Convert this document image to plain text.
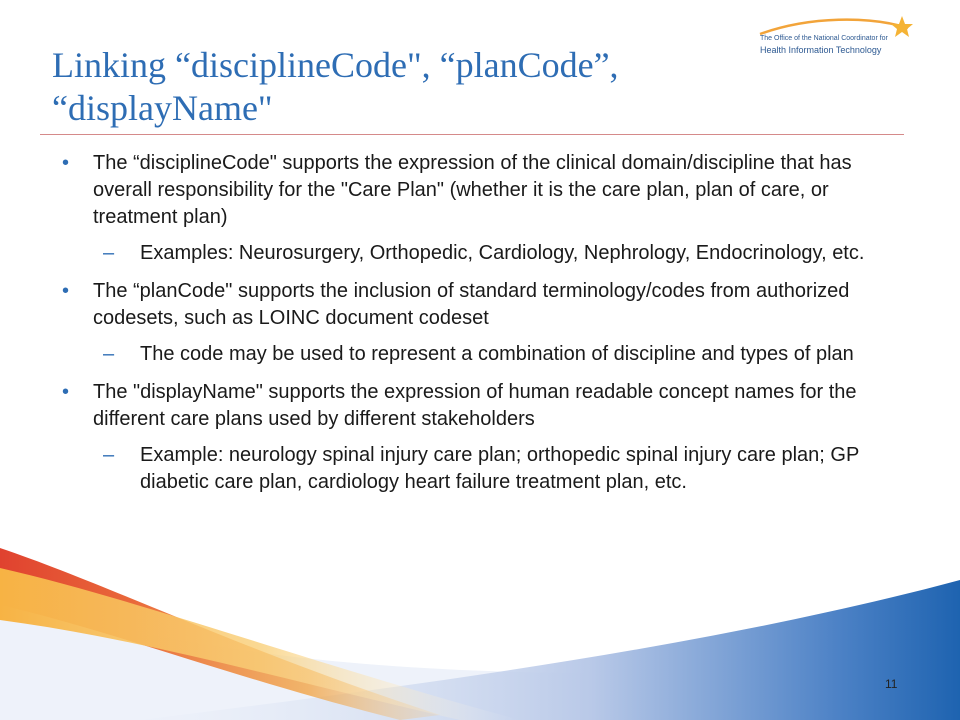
Linking “disciplineCode", “planCode”, “displayName"
The Office of the National Coordinator for
Health Information Technology
• The “disciplineCode" supports the expression of the clinical domain/discipline that has overall responsibility for the "Care Plan" (whether it is the care plan, plan of care, or treatment plan)
– Examples: Neurosurgery, Orthopedic, Cardiology, Nephrology, Endocrinology, etc.
• The “planCode" supports the inclusion of standard terminology/codes from authorized codesets, such as LOINC document codeset
– The code may be used to represent a combination of discipline and types of plan
• The "displayName" supports the expression of human readable concept names for the different care plans used by different stakeholders
– Example: neurology spinal injury care plan; orthopedic spinal injury care plan; GP diabetic care plan, cardiology heart failure treatment plan, etc.
11
